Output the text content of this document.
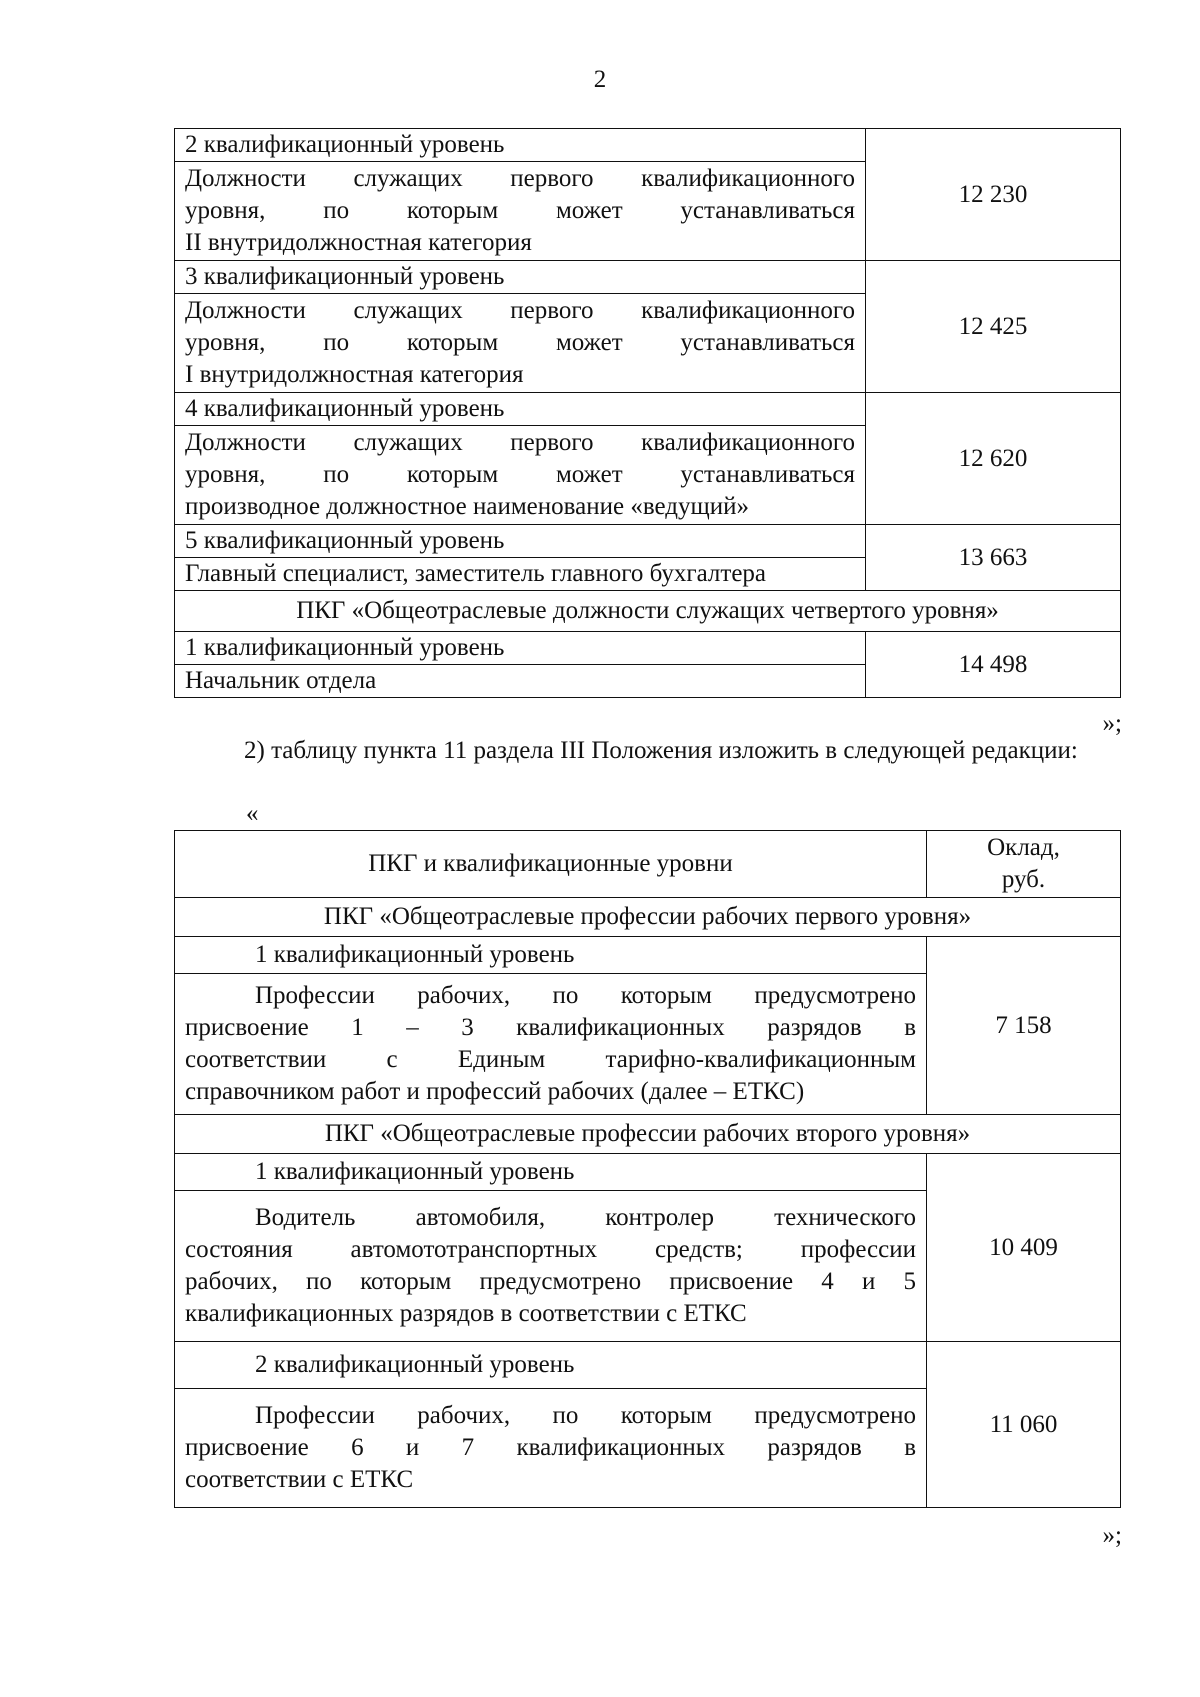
2
2 квалификационный уровень	12 230

Должности служащих первого квалификационного
уровня, по которым может устанавливаться
II внутридолжностная категория	

3 квалификационный уровень	12 425

Должности служащих первого квалификационного
уровня, по которым может устанавливаться
I внутридолжностная категория	

4 квалификационный уровень	12 620

Должности служащих первого квалификационного
уровня, по которым может устанавливаться
производное должностное наименование «ведущий»	

5 квалификационный уровень	13 663
Главный специалист, заместитель главного бухгалтера	
ПКГ «Общеотраслевые должности служащих четвертого уровня»	
1 квалификационный уровень	14 498
Начальник отдела	
»;
2) таблицу пункта 11 раздела III Положения изложить в следующей редакции:
«
ПКГ и квалификационные уровни	Оклад,
руб.

ПКГ «Общеотраслевые профессии рабочих первого уровня»	
1 квалификационный уровень	7 158

Профессии рабочих, по которым предусмотрено
присвоение 1 – 3 квалификационных разрядов в
соответствии с Единым тарифно-квалификационным
справочником работ и профессий рабочих (далее – ЕТКС)	

ПКГ «Общеотраслевые профессии рабочих второго уровня»	
1 квалификационный уровень	10 409

Водитель автомобиля, контролер технического
состояния автомототранспортных средств; профессии
рабочих, по которым предусмотрено присвоение 4 и 5
квалификационных разрядов в соответствии с ЕТКС	

2 квалификационный уровень	11 060

Профессии рабочих, по которым предусмотрено
присвоение 6 и 7 квалификационных разрядов в
соответствии с ЕТКС	
»;
